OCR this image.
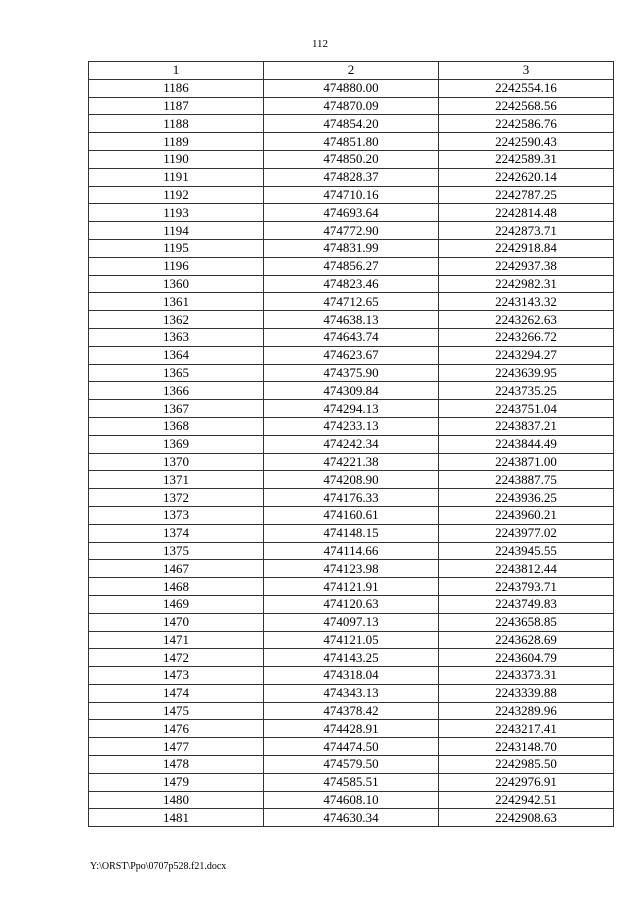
112
1	2	3
1186	474880.00	2242554.16
1187	474870.09	2242568.56
1188	474854.20	2242586.76
1189	474851.80	2242590.43
1190	474850.20	2242589.31
1191	474828.37	2242620.14
1192	474710.16	2242787.25
1193	474693.64	2242814.48
1194	474772.90	2242873.71
1195	474831.99	2242918.84
1196	474856.27	2242937.38
1360	474823.46	2242982.31
1361	474712.65	2243143.32
1362	474638.13	2243262.63
1363	474643.74	2243266.72
1364	474623.67	2243294.27
1365	474375.90	2243639.95
1366	474309.84	2243735.25
1367	474294.13	2243751.04
1368	474233.13	2243837.21
1369	474242.34	2243844.49
1370	474221.38	2243871.00
1371	474208.90	2243887.75
1372	474176.33	2243936.25
1373	474160.61	2243960.21
1374	474148.15	2243977.02
1375	474114.66	2243945.55
1467	474123.98	2243812.44
1468	474121.91	2243793.71
1469	474120.63	2243749.83
1470	474097.13	2243658.85
1471	474121.05	2243628.69
1472	474143.25	2243604.79
1473	474318.04	2243373.31
1474	474343.13	2243339.88
1475	474378.42	2243289.96
1476	474428.91	2243217.41
1477	474474.50	2243148.70
1478	474579.50	2242985.50
1479	474585.51	2242976.91
1480	474608.10	2242942.51
1481	474630.34	2242908.63
Y:\ORST\Ppo\0707p528.f21.docx
